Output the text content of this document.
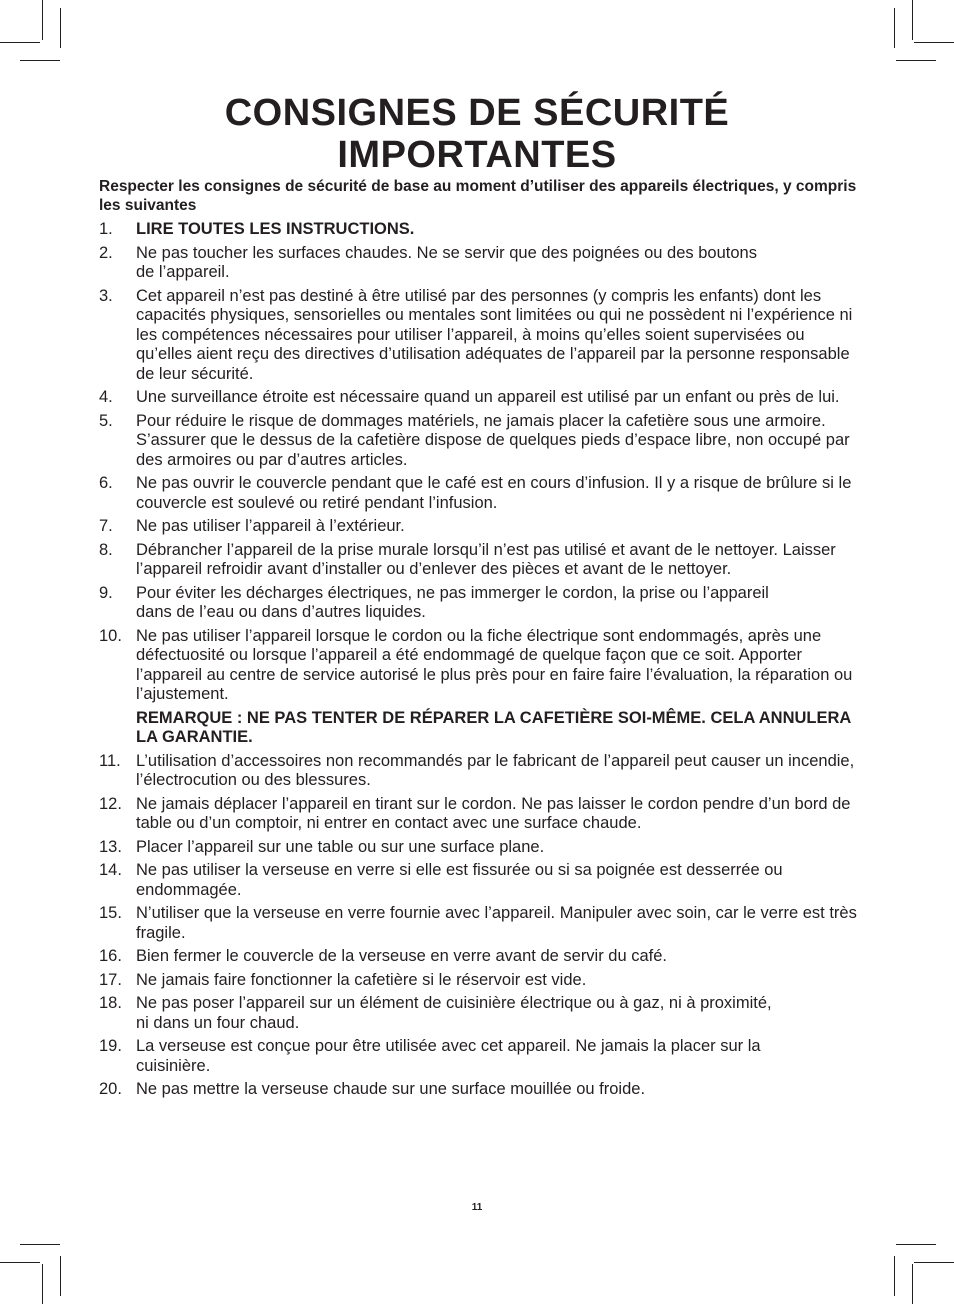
CONSIGNES DE SÉCURITÉ
IMPORTANTES
Respecter les consignes de sécurité de base au moment d’utiliser des appareils électriques, y compris les suivantes
1.	LIRE TOUTES LES INSTRUCTIONS.
2.	Ne pas toucher les surfaces chaudes. Ne se servir que des poignées ou des boutons de l’appareil.
3.	Cet appareil n’est pas destiné à être utilisé par des personnes (y compris les enfants) dont les capacités physiques, sensorielles ou mentales sont limitées ou qui ne possèdent ni l’expérience ni les compétences nécessaires pour utiliser l’appareil, à moins qu’elles soient supervisées ou qu’elles aient reçu des directives d’utilisation adéquates de l’appareil par la personne responsable de leur sécurité.
4.	Une surveillance étroite est nécessaire quand un appareil est utilisé par un enfant ou près de lui.
5.	Pour réduire le risque de dommages matériels, ne jamais placer la cafetière sous une armoire. S’assurer que le dessus de la cafetière dispose de quelques pieds d’espace libre, non occupé par des armoires ou par d’autres articles.
6.	Ne pas ouvrir le couvercle pendant que le café est en cours d’infusion. Il y a risque de brûlure si le couvercle est soulevé ou retiré pendant l’infusion.
7.	Ne pas utiliser l’appareil à l’extérieur.
8.	Débrancher l’appareil de la prise murale lorsqu’il n’est pas utilisé et avant de le nettoyer. Laisser l’appareil refroidir avant d’installer ou d’enlever des pièces et avant de le nettoyer.
9.	Pour éviter les décharges électriques, ne pas immerger le cordon, la prise ou l’appareil dans de l’eau ou dans d’autres liquides.
10. Ne pas utiliser l’appareil lorsque le cordon ou la fiche électrique sont endommagés, après une défectuosité ou lorsque l’appareil a été endommagé de quelque façon que ce soit. Apporter l’appareil au centre de service autorisé le plus près pour en faire faire l’évaluation, la réparation ou l’ajustement.
REMARQUE : NE PAS TENTER DE RÉPARER LA CAFETIÈRE SOI-MÊME. CELA ANNULERA LA GARANTIE.
11. L’utilisation d’accessoires non recommandés par le fabricant de l’appareil peut causer un incendie, l’électrocution ou des blessures.
12. Ne jamais déplacer l’appareil en tirant sur le cordon. Ne pas laisser le cordon pendre d’un bord de table ou d’un comptoir, ni entrer en contact avec une surface chaude.
13. Placer l’appareil sur une table ou sur une surface plane.
14. Ne pas utiliser la verseuse en verre si elle est fissurée ou si sa poignée est desserrée ou endommagée.
15. N’utiliser que la verseuse en verre fournie avec l’appareil. Manipuler avec soin, car le verre est très fragile.
16. Bien fermer le couvercle de la verseuse en verre avant de servir du café.
17. Ne jamais faire fonctionner la cafetière si le réservoir est vide.
18. Ne pas poser l’appareil sur un élément de cuisinière électrique ou à gaz, ni à proximité, ni dans un four chaud.
19. La verseuse est conçue pour être utilisée avec cet appareil. Ne jamais la placer sur la cuisinière.
20. Ne pas mettre la verseuse chaude sur une surface mouillée ou froide.
11
